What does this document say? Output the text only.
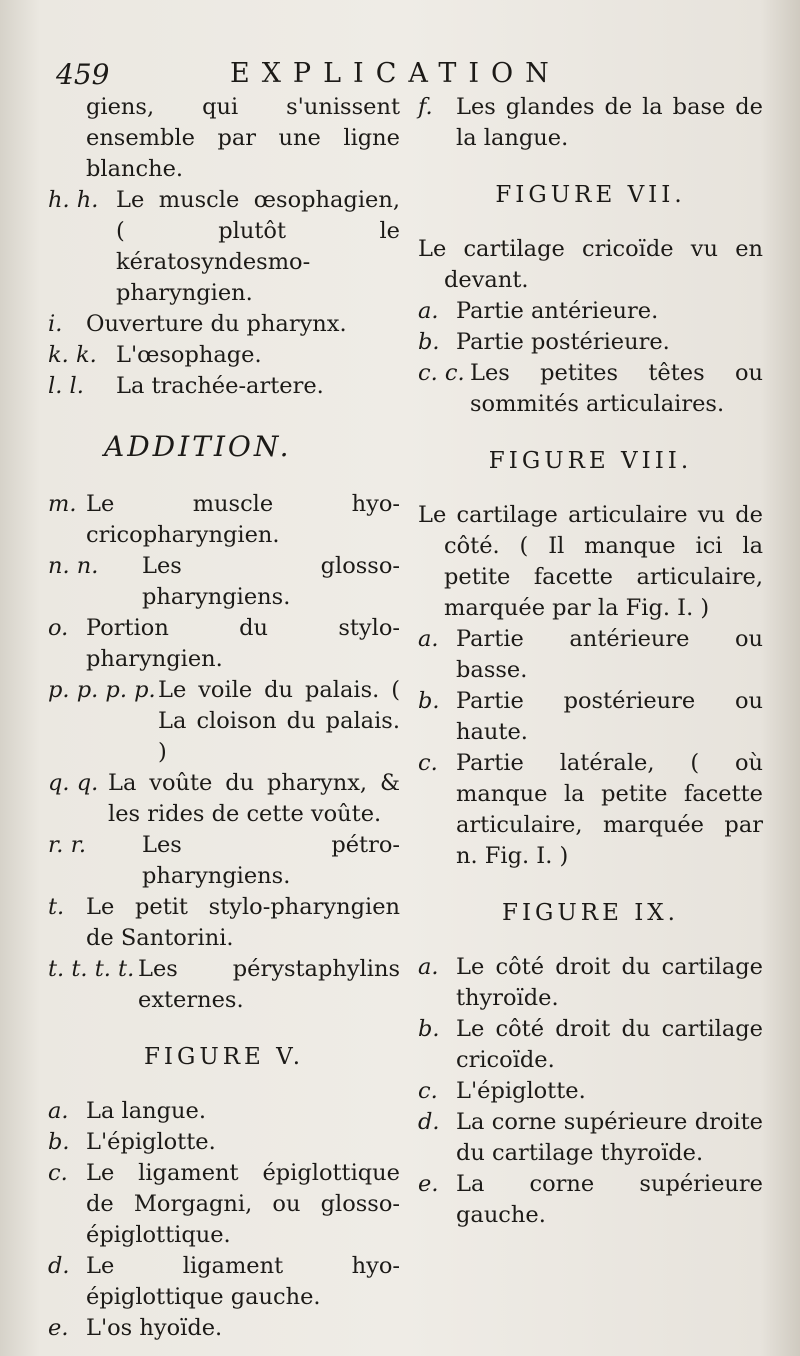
459	EXPLICATION
giens, qui s'unissent ensemble par une ligne blanche.
h. h. Le muscle œsophagien, ( plutôt le kératosyndesmo-pharyngien.
i. Ouverture du pharynx.
k. k. L'œsophage.
l. l.	La trachée-artere.
ADDITION.
m. Le muscle hyo-cricopharyngien.
n. n.	Les glosso-pharyngiens.
o. Portion du stylo-pharyngien.
p. p. p. p. Le voile du palais. ( La cloison du palais. )
q. q. La voûte du pharynx, & les rides de cette voûte.
r. r.	Les pétro-pharyngiens.
t. Le petit stylo-pharyngien de Santorini.
t. t. t. t. Les pérystaphylins externes.
FIGURE V.
a. La langue.
b. L'épiglotte.
c. Le ligament épiglottique de Morgagni, ou glosso-épiglottique.
d. Le ligament hyo-épiglottique gauche.
e. L'os hyoïde.
f. Les glandes de la base de la langue.
FIGURE VII.
Le cartilage cricoïde vu en devant.
a. Partie antérieure.
b. Partie postérieure.
c. c. Les petites têtes ou sommités articulaires.
FIGURE VIII.
Le cartilage articulaire vu de côté. ( Il manque ici la petite facette articulaire, marquée par la Fig. I. )
a. Partie antérieure ou basse.
b. Partie postérieure ou haute.
c. Partie latérale, ( où manque la petite facette articulaire, marquée par n. Fig. I. )
FIGURE IX.
a. Le côté droit du cartilage thyroïde.
b. Le côté droit du cartilage cricoïde.
c. L'épiglotte.
d. La corne supérieure droite du cartilage thyroïde.
e. La corne supérieure gauche.
